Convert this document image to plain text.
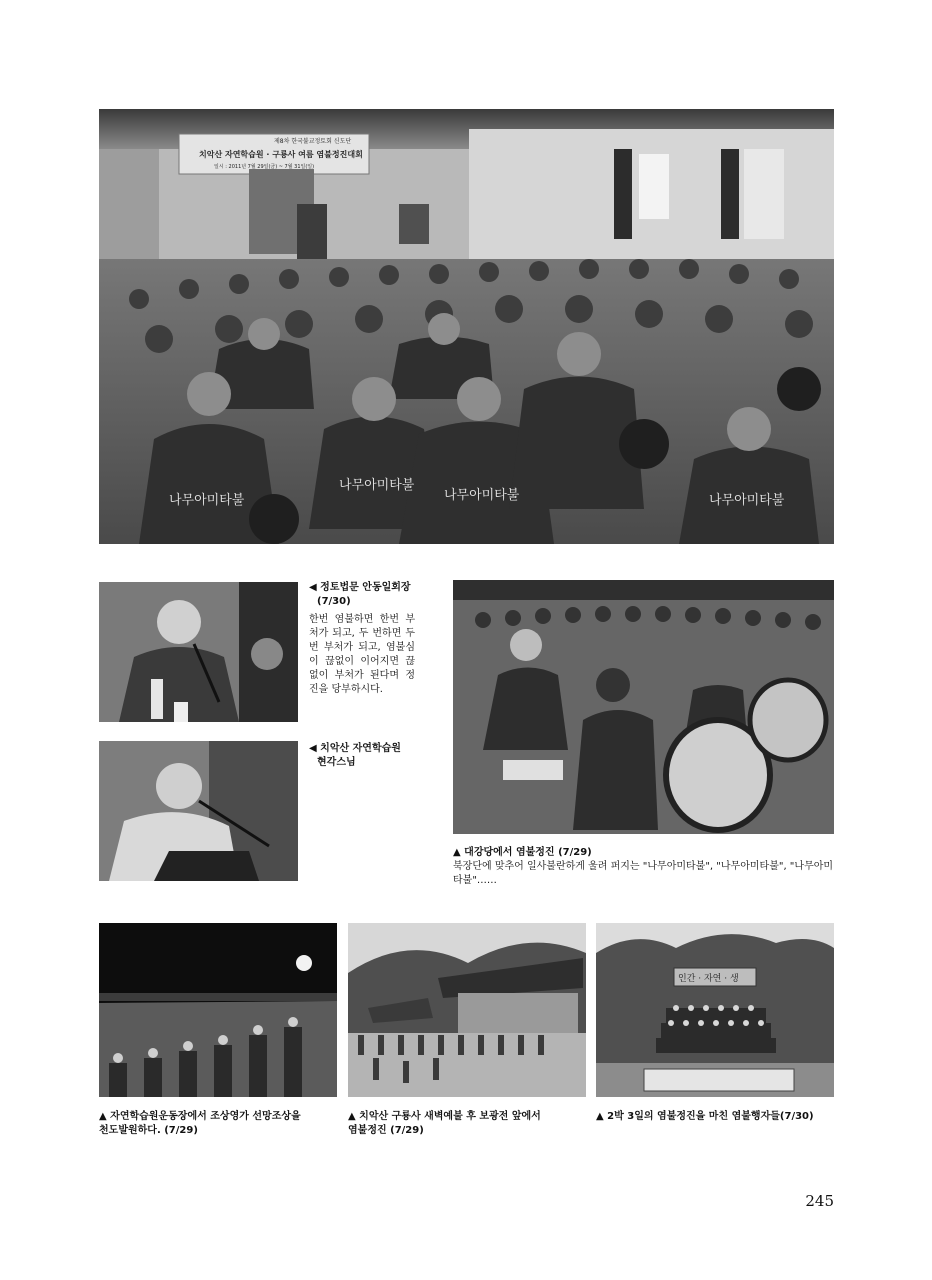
나무아미타불
나무아미타불
나무아미타불	나무아미타불
제8차 한국불교정토회 신도단
치악산 자연학습원 · 구룡사 여름 염불정진대회
일시 : 2011년 7월 29일(금) ~ 7월 31일(일)
◀ 정토법문 안동일회장
(7/30)
한번 염불하면 한번 부처가 되고, 두 번하면 두 번 부처가 되고, 염불심이 끊없이 이어지면 끊없이 부처가 된다며 정진을 당부하시다.
◀ 치악산 자연학습원
현각스님
▲ 대강당에서 염불정진 (7/29)
북장단에 맞추어 일사불란하게 울려 퍼지는 "나무아미타불", "나무아미타불", "나무아미타불"……
▲ 자연학습원운동장에서 조상영가 선망조상을
천도발원하다. (7/29)
▲ 치악산 구룡사 새벽예불 후 보광전 앞에서
염불정진 (7/29)
인간 · 자연 · 생
▲ 2박 3일의 염불정진을 마친 염불행자들(7/30)
245
